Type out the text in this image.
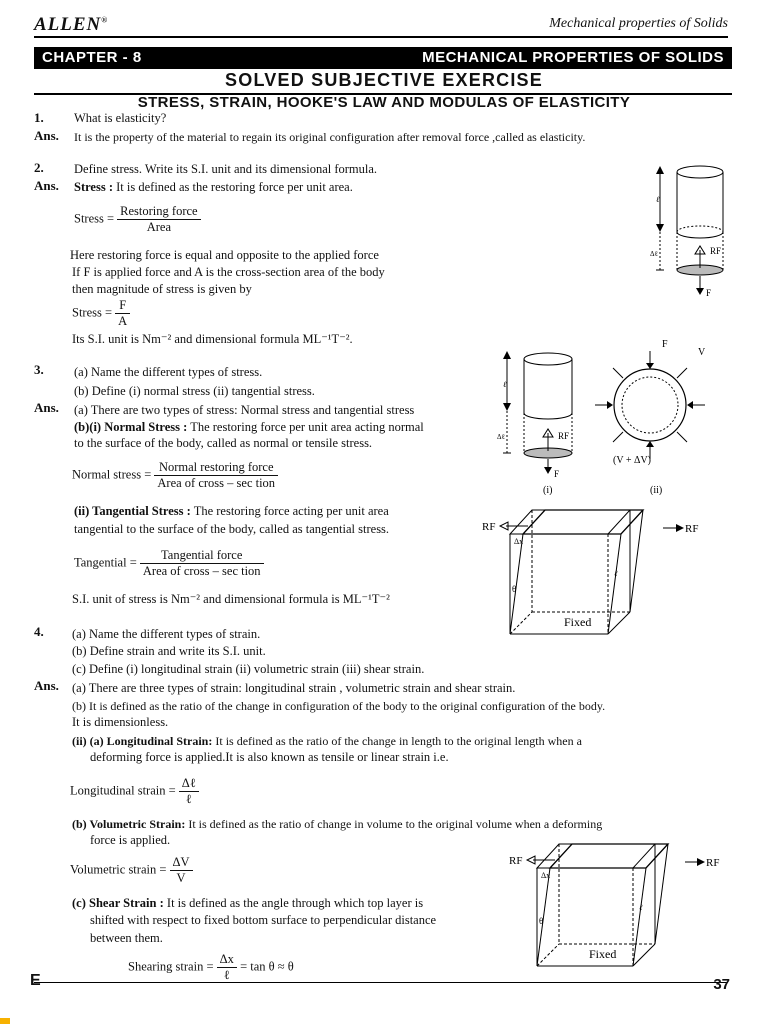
ALLEN®	Mechanical properties of Solids
CHAPTER - 8	MECHANICAL PROPERTIES OF SOLIDS
SOLVED SUBJECTIVE EXERCISE
STRESS, STRAIN, HOOKE'S LAW AND MODULAS OF ELASTICITY
1. What is elasticity?
Ans. It is the property of the material to regain its original configuration after removal force ,called as elasticity.
2. Define stress. Write its S.I. unit and its dimensional formula.
Ans. Stress : It is defined as the restoring force per unit area.
Stress = $\frac{\text{Restoring force}}{\text{Area}}$
Here restoring force is equal and opposite to the applied force
If F is applied force and A is the cross-section area of the body
then magnitude of stress is given by
Stress = $\frac{F}{A}$
Its S.I. unit is Nm⁻² and dimensional formula ML⁻¹T⁻².
ℓ
Δℓ	RF
F
3. (a) Name the different types of stress.
(b) Define (i) normal stress (ii) tangential stress.
Ans. (a) There are two types of stress: Normal stress and tangential stress
(b)(i) Normal Stress : The restoring force per unit area acting normal
to the surface of the body, called as normal or tensile stress.
Normal stress = $\frac{\text{Normal restoring force}}{\text{Area of cross – sec tion}}$
(ii) Tangential Stress : The restoring force acting per unit area
tangential to the surface of the body, called as tangential stress.
Tangential = $\frac{\text{Tangential force}}{\text{Area of cross – sec tion}}$
S.I. unit of stress is Nm⁻² and dimensional formula is ML⁻¹T⁻²
ℓ
Δℓ	RF
F
(i)
F
V
(V + ΔV)
(ii)
RF	RF
Δx
θ
ℓ
Fixed
4. (a) Name the different types of strain.
(b) Define strain and write its S.I. unit.
(c) Define (i) longitudinal strain (ii) volumetric strain (iii) shear strain.
Ans. (a) There are three types of strain: longitudinal strain , volumetric strain and shear strain.
(b) It is defined as the ratio of the change in configuration of the body to the original configuration of the body.
It is dimensionless.
(ii) (a) Longitudinal Strain: It is defined as the ratio of the change in length to the original length when a
deforming force is applied.It is also known as tensile or linear strain i.e.
Longitudinal strain = $\frac{\text{Δℓ}}{\text{ℓ}}$
(b) Volumetric Strain: It is defined as the ratio of change in volume to the original volume when a deforming
force is applied.
Volumetric strain = $\frac{\Delta V}{V}$
(c) Shear Strain : It is defined as the angle through which top layer is
shifted with respect to fixed bottom surface to perpendicular distance
between them.
Shearing strain = $\frac{\Delta x}{\text{ℓ}} = \tan \theta \approx \theta$
RF	RF
Δx
θ
ℓ
Fixed
E	37
